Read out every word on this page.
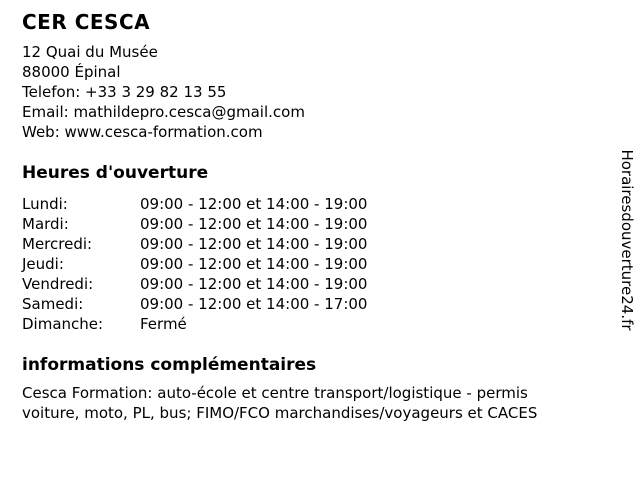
CER CESCA
12 Quai du Musée
88000 Épinal
Telefon: +33 3 29 82 13 55
Email: mathildepro.cesca@gmail.com
Web: www.cesca-formation.com
Heures d'ouverture
Lundi:	09:00 - 12:00 et 14:00 - 19:00
Mardi:	09:00 - 12:00 et 14:00 - 19:00
Mercredi:	09:00 - 12:00 et 14:00 - 19:00
Jeudi:	09:00 - 12:00 et 14:00 - 19:00
Vendredi:	09:00 - 12:00 et 14:00 - 19:00
Samedi:	09:00 - 12:00 et 14:00 - 17:00
Dimanche:	Fermé
informations complémentaires
Cesca Formation: auto-école et centre transport/logistique - permis
voiture, moto, PL, bus; FIMO/FCO marchandises/voyageurs et CACES
Horairesdouverture24.fr
